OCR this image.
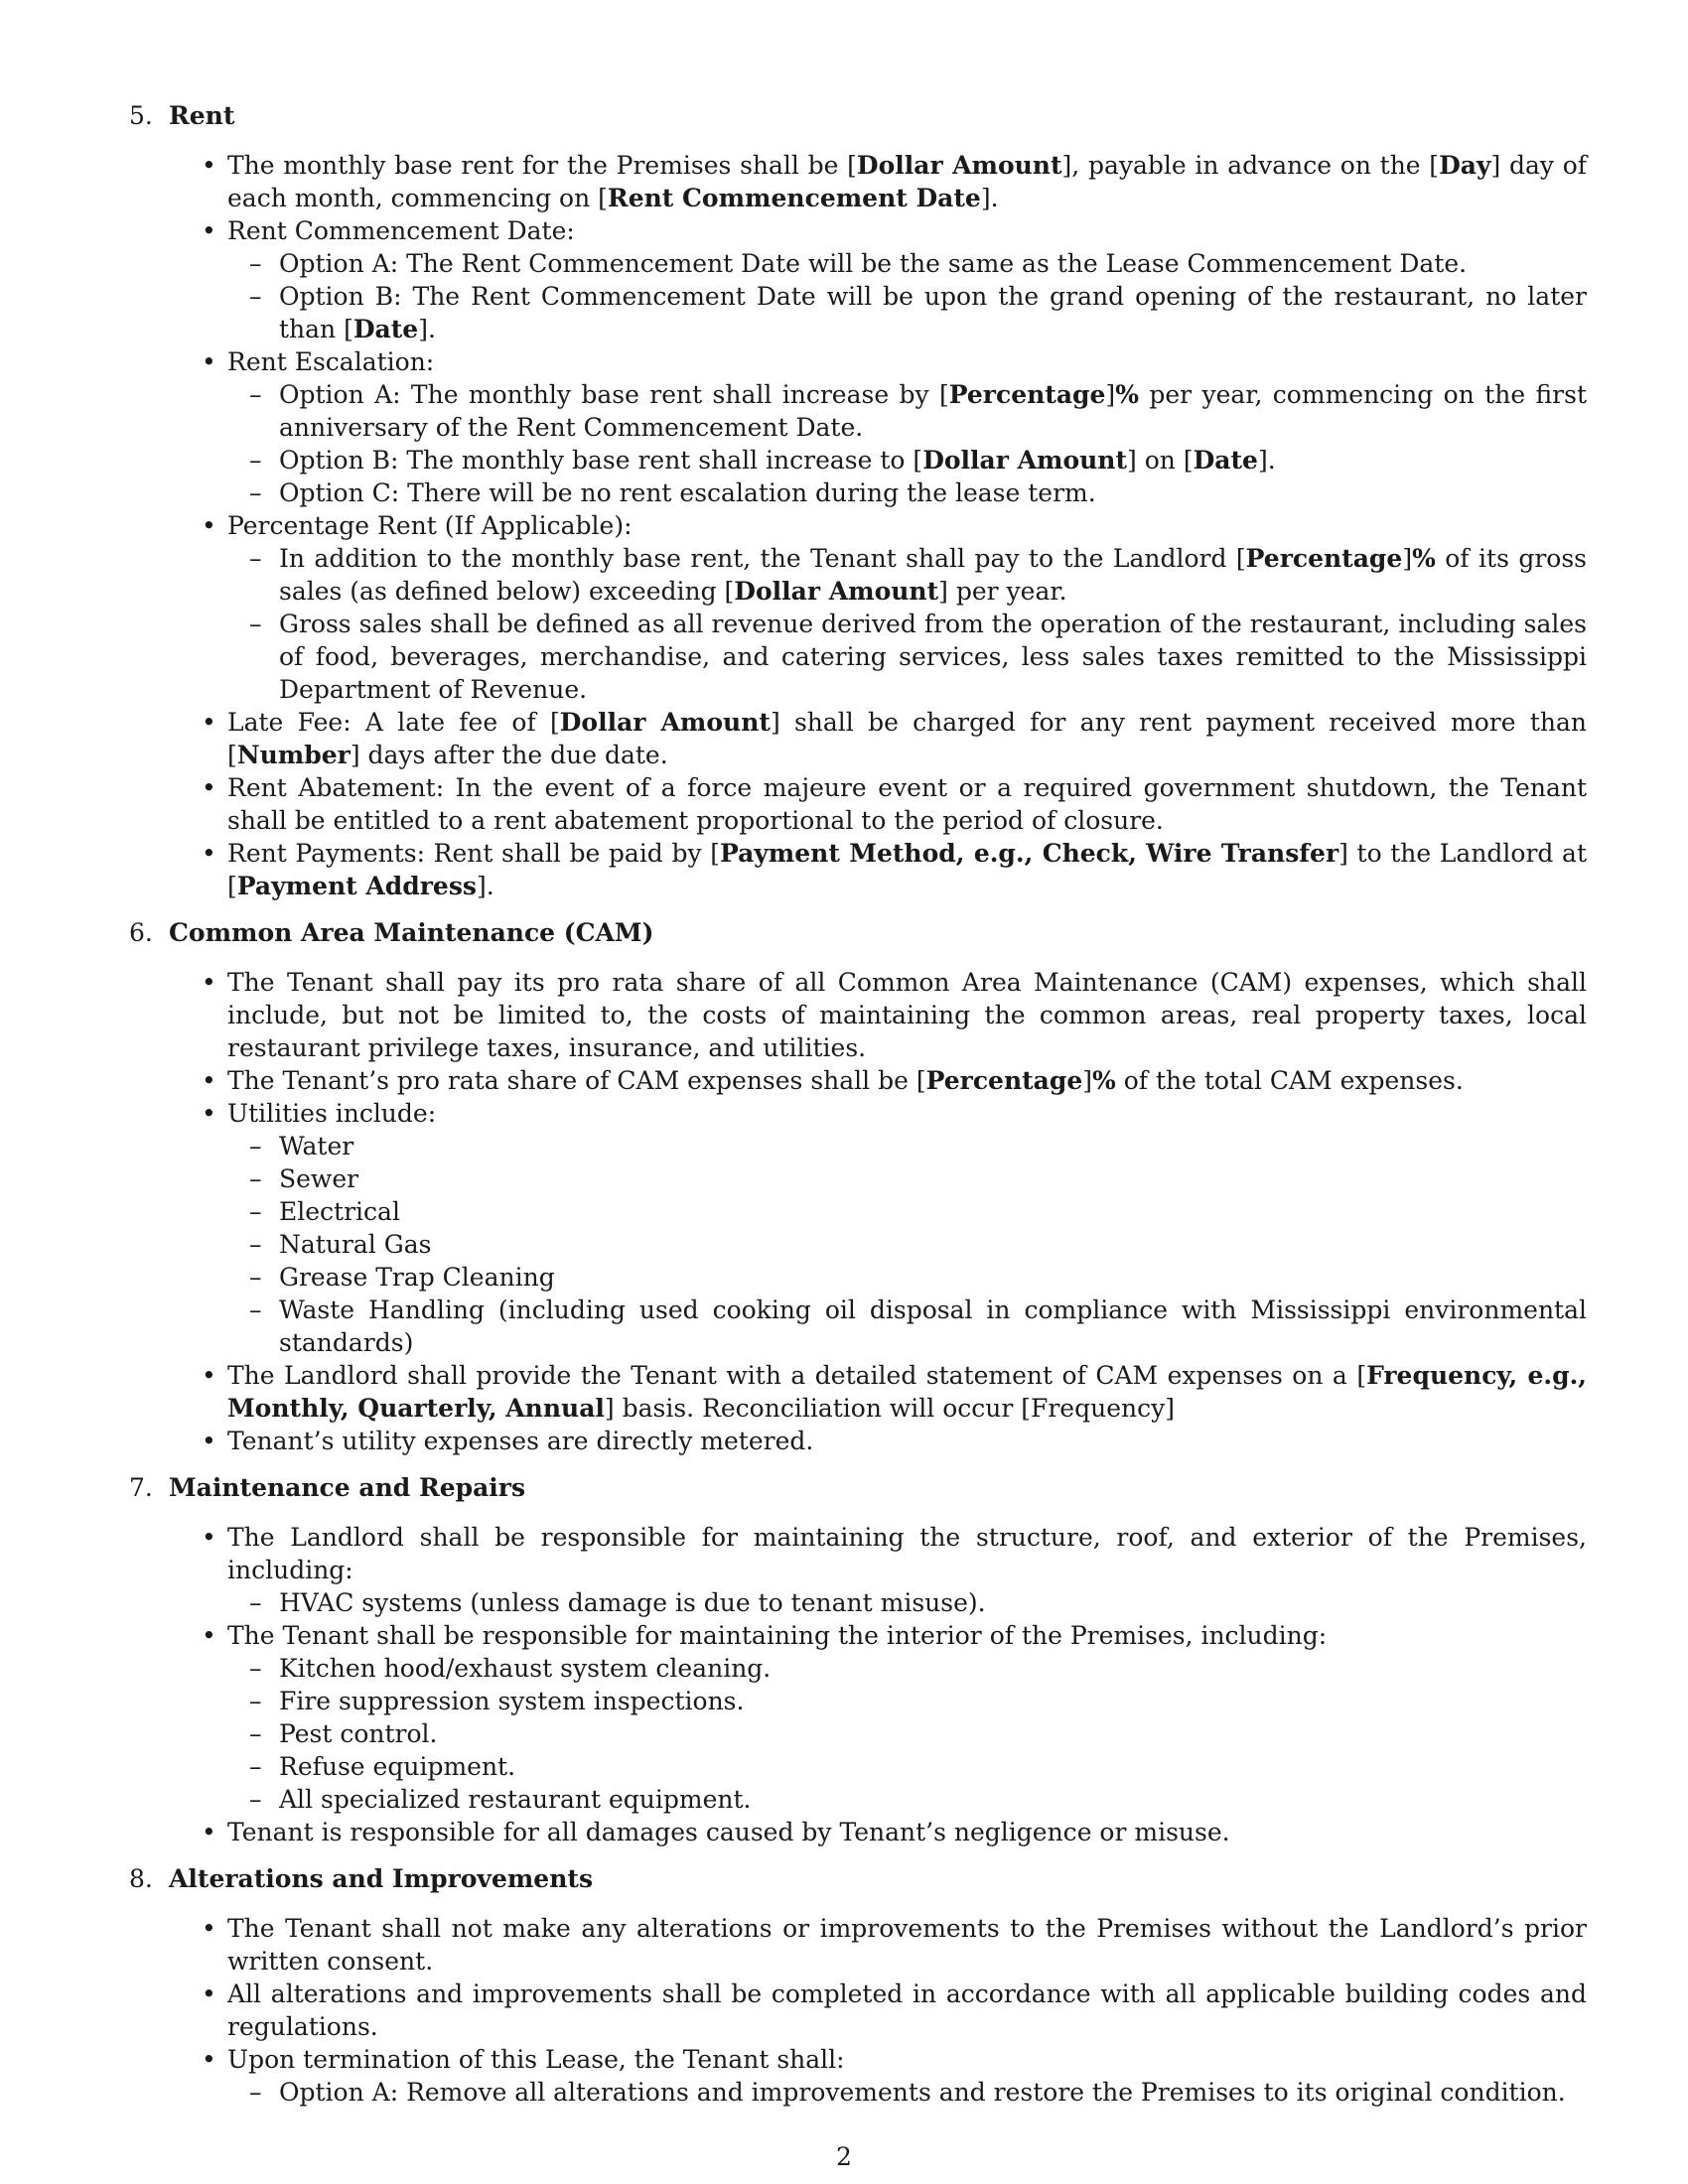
5. Rent
• The monthly base rent for the Premises shall be [Dollar Amount], payable in advance on the [Day] day of each month, commencing on [Rent Commencement Date].
• Rent Commencement Date:
– Option A: The Rent Commencement Date will be the same as the Lease Commencement Date.
– Option B: The Rent Commencement Date will be upon the grand opening of the restaurant, no later than [Date].
• Rent Escalation:
– Option A: The monthly base rent shall increase by [Percentage]% per year, commencing on the first anniversary of the Rent Commencement Date.
– Option B: The monthly base rent shall increase to [Dollar Amount] on [Date].
– Option C: There will be no rent escalation during the lease term.
• Percentage Rent (If Applicable):
– In addition to the monthly base rent, the Tenant shall pay to the Landlord [Percentage]% of its gross sales (as defined below) exceeding [Dollar Amount] per year.
– Gross sales shall be defined as all revenue derived from the operation of the restaurant, including sales of food, beverages, merchandise, and catering services, less sales taxes remitted to the Mississippi Department of Revenue.
• Late Fee: A late fee of [Dollar Amount] shall be charged for any rent payment received more than [Number] days after the due date.
• Rent Abatement: In the event of a force majeure event or a required government shutdown, the Tenant shall be entitled to a rent abatement proportional to the period of closure.
• Rent Payments: Rent shall be paid by [Payment Method, e.g., Check, Wire Transfer] to the Landlord at [Payment Address].
6. Common Area Maintenance (CAM)
• The Tenant shall pay its pro rata share of all Common Area Maintenance (CAM) expenses, which shall include, but not be limited to, the costs of maintaining the common areas, real property taxes, local restaurant privilege taxes, insurance, and utilities.
• The Tenant’s pro rata share of CAM expenses shall be [Percentage]% of the total CAM expenses.
• Utilities include:
– Water
– Sewer
– Electrical
– Natural Gas
– Grease Trap Cleaning
– Waste Handling (including used cooking oil disposal in compliance with Mississippi environmental standards)
• The Landlord shall provide the Tenant with a detailed statement of CAM expenses on a [Frequency, e.g., Monthly, Quarterly, Annual] basis. Reconciliation will occur [Frequency]
• Tenant’s utility expenses are directly metered.
7. Maintenance and Repairs
• The Landlord shall be responsible for maintaining the structure, roof, and exterior of the Premises, including:
– HVAC systems (unless damage is due to tenant misuse).
• The Tenant shall be responsible for maintaining the interior of the Premises, including:
– Kitchen hood/exhaust system cleaning.
– Fire suppression system inspections.
– Pest control.
– Refuse equipment.
– All specialized restaurant equipment.
• Tenant is responsible for all damages caused by Tenant’s negligence or misuse.
8. Alterations and Improvements
• The Tenant shall not make any alterations or improvements to the Premises without the Landlord’s prior written consent.
• All alterations and improvements shall be completed in accordance with all applicable building codes and regulations.
• Upon termination of this Lease, the Tenant shall:
– Option A: Remove all alterations and improvements and restore the Premises to its original condition.
2
